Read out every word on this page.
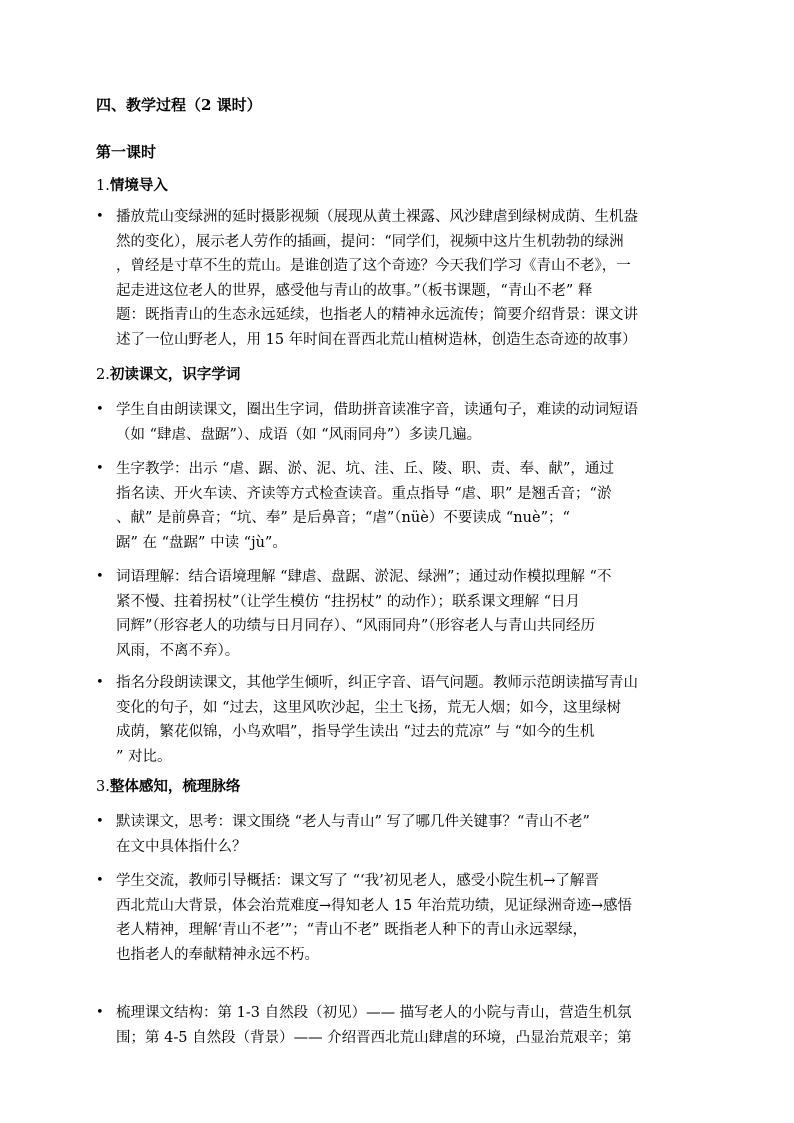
四、教学过程（2 课时）
第一课时
1.情境导入
• 播放荒山变绿洲的延时摄影视频（展现从黄土裸露、风沙肆虐到绿树成荫、生机盎
然的变化），展示老人劳作的插画，提问：“同学们，视频中这片生机勃勃的绿洲
，曾经是寸草不生的荒山。是谁创造了这个奇迹？今天我们学习《青山不老》，一
起走进这位老人的世界，感受他与青山的故事。”（板书课题，“青山不老” 释
题：既指青山的生态永远延续，也指老人的精神永远流传；简要介绍背景：课文讲
述了一位山野老人，用 15 年时间在晋西北荒山植树造林，创造生态奇迹的故事）
2.初读课文，识字学词
• 学生自由朗读课文，圈出生字词，借助拼音读准字音，读通句子，难读的动词短语
（如 “肆虐、盘踞”）、成语（如 “风雨同舟”）多读几遍。
• 生字教学：出示 “虐、踞、淤、泥、坑、洼、丘、陵、职、责、奉、献”，通过
指名读、开火车读、齐读等方式检查读音。重点指导 “虐、职” 是翘舌音；“淤
、献” 是前鼻音；“坑、奉” 是后鼻音；“虐”（nüè）不要读成 “nuè”；“
踞” 在 “盘踞” 中读 “jù”。
• 词语理解：结合语境理解 “肆虐、盘踞、淤泥、绿洲”；通过动作模拟理解 “不
紧不慢、拄着拐杖”（让学生模仿 “拄拐杖” 的动作）；联系课文理解 “日月
同辉”（形容老人的功绩与日月同存）、“风雨同舟”（形容老人与青山共同经历
风雨，不离不弃）。
• 指名分段朗读课文，其他学生倾听，纠正字音、语气问题。教师示范朗读描写青山
变化的句子，如 “过去，这里风吹沙起，尘土飞扬，荒无人烟；如今，这里绿树
成荫，繁花似锦，小鸟欢唱”，指导学生读出 “过去的荒凉” 与 “如今的生机
” 对比。
3.整体感知，梳理脉络
• 默读课文，思考：课文围绕 “老人与青山” 写了哪几件关键事？“青山不老”
在文中具体指什么？
• 学生交流，教师引导概括：课文写了 “‘我’初见老人，感受小院生机→了解晋
西北荒山大背景，体会治荒难度→得知老人 15 年治荒功绩，见证绿洲奇迹→感悟
老人精神，理解‘青山不老’”；“青山不老” 既指老人种下的青山永远翠绿，
也指老人的奉献精神永远不朽。
• 梳理课文结构：第 1-3 自然段（初见）—— 描写老人的小院与青山，营造生机氛
围；第 4-5 自然段（背景）—— 介绍晋西北荒山肆虐的环境，凸显治荒艰辛；第
